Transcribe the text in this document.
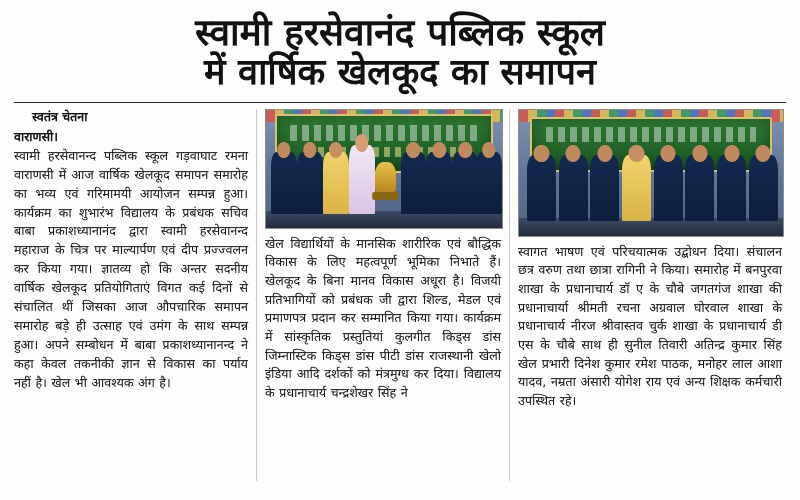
स्वामी हरसेवानंद पब्लिक स्कूल
में वार्षिक खेलकूद का समापन
स्वतंत्र चेतना
वाराणसी।

स्वामी हरसेवानन्द पब्लिक स्कूल गड़वाघाट रमना वाराणसी में आज वार्षिक खेलकूद समापन समारोह का भव्य एवं गरिमामयी आयोजन सम्पन्न हुआ। कार्यक्रम का शुभारंभ विद्यालय के प्रबंधक सचिव बाबा प्रकाशध्यानानंद द्वारा स्वामी हरसेवानन्द महाराज के चित्र पर माल्यार्पण एवं दीप प्रज्ज्वलन कर किया गया। ज्ञातव्य हो कि अन्तर सदनीय वार्षिक खेलकूद प्रतियोगिताएं विगत कई दिनों से संचालित थीं जिसका आज औपचारिक समापन समारोह बड़े ही उत्साह एवं उमंग के साथ सम्पन्न हुआ। अपने सम्बोधन में बाबा प्रकाशध्यानानन्द ने कहा केवल तकनीकी ज्ञान से विकास का पर्याय नहीं है। खेल भी आवश्यक अंग है।

खेल विद्यार्थियों के मानसिक शारीरिक एवं बौद्धिक विकास के लिए महत्वपूर्ण भूमिका निभाते हैं। खेलकूद के बिना मानव विकास अधूरा है। विजयी प्रतिभागियों को प्रबंधक जी द्वारा शिल्ड, मेडल एवं प्रमाणपत्र प्रदान कर सम्मानित किया गया। कार्यक्रम में सांस्कृतिक प्रस्तुतियां कुलगीत किड्स डांस जिम्नास्टिक किड्स डांस पीटी डांस राजस्थानी खेलो इंडिया आदि दर्शकों को मंत्रमुग्ध कर दिया। विद्यालय के प्रधानाचार्य चन्द्रशेखर सिंह ने

स्वागत भाषण एवं परिचयात्मक उद्बोधन दिया। संचालन छत्र वरुण तथा छात्रा रागिनी ने किया। समारोह में बनपुरवा शाखा के प्रधानाचार्य डॉ ए के चौबे जगतगंज शाखा की प्रधानाचार्या श्रीमती रचना अग्रवाल घोरवाल शाखा के प्रधानाचार्य नीरज श्रीवास्तव चुर्क शाखा के प्रधानाचार्य डी एस के चौबे साथ ही सुनील तिवारी अतिन्द्र कुमार सिंह खेल प्रभारी दिनेश कुमार रमेश पाठक, मनोहर लाल आशा यादव, नम्रता अंसारी योगेश राय एवं अन्य शिक्षक कर्मचारी उपस्थित रहे।
